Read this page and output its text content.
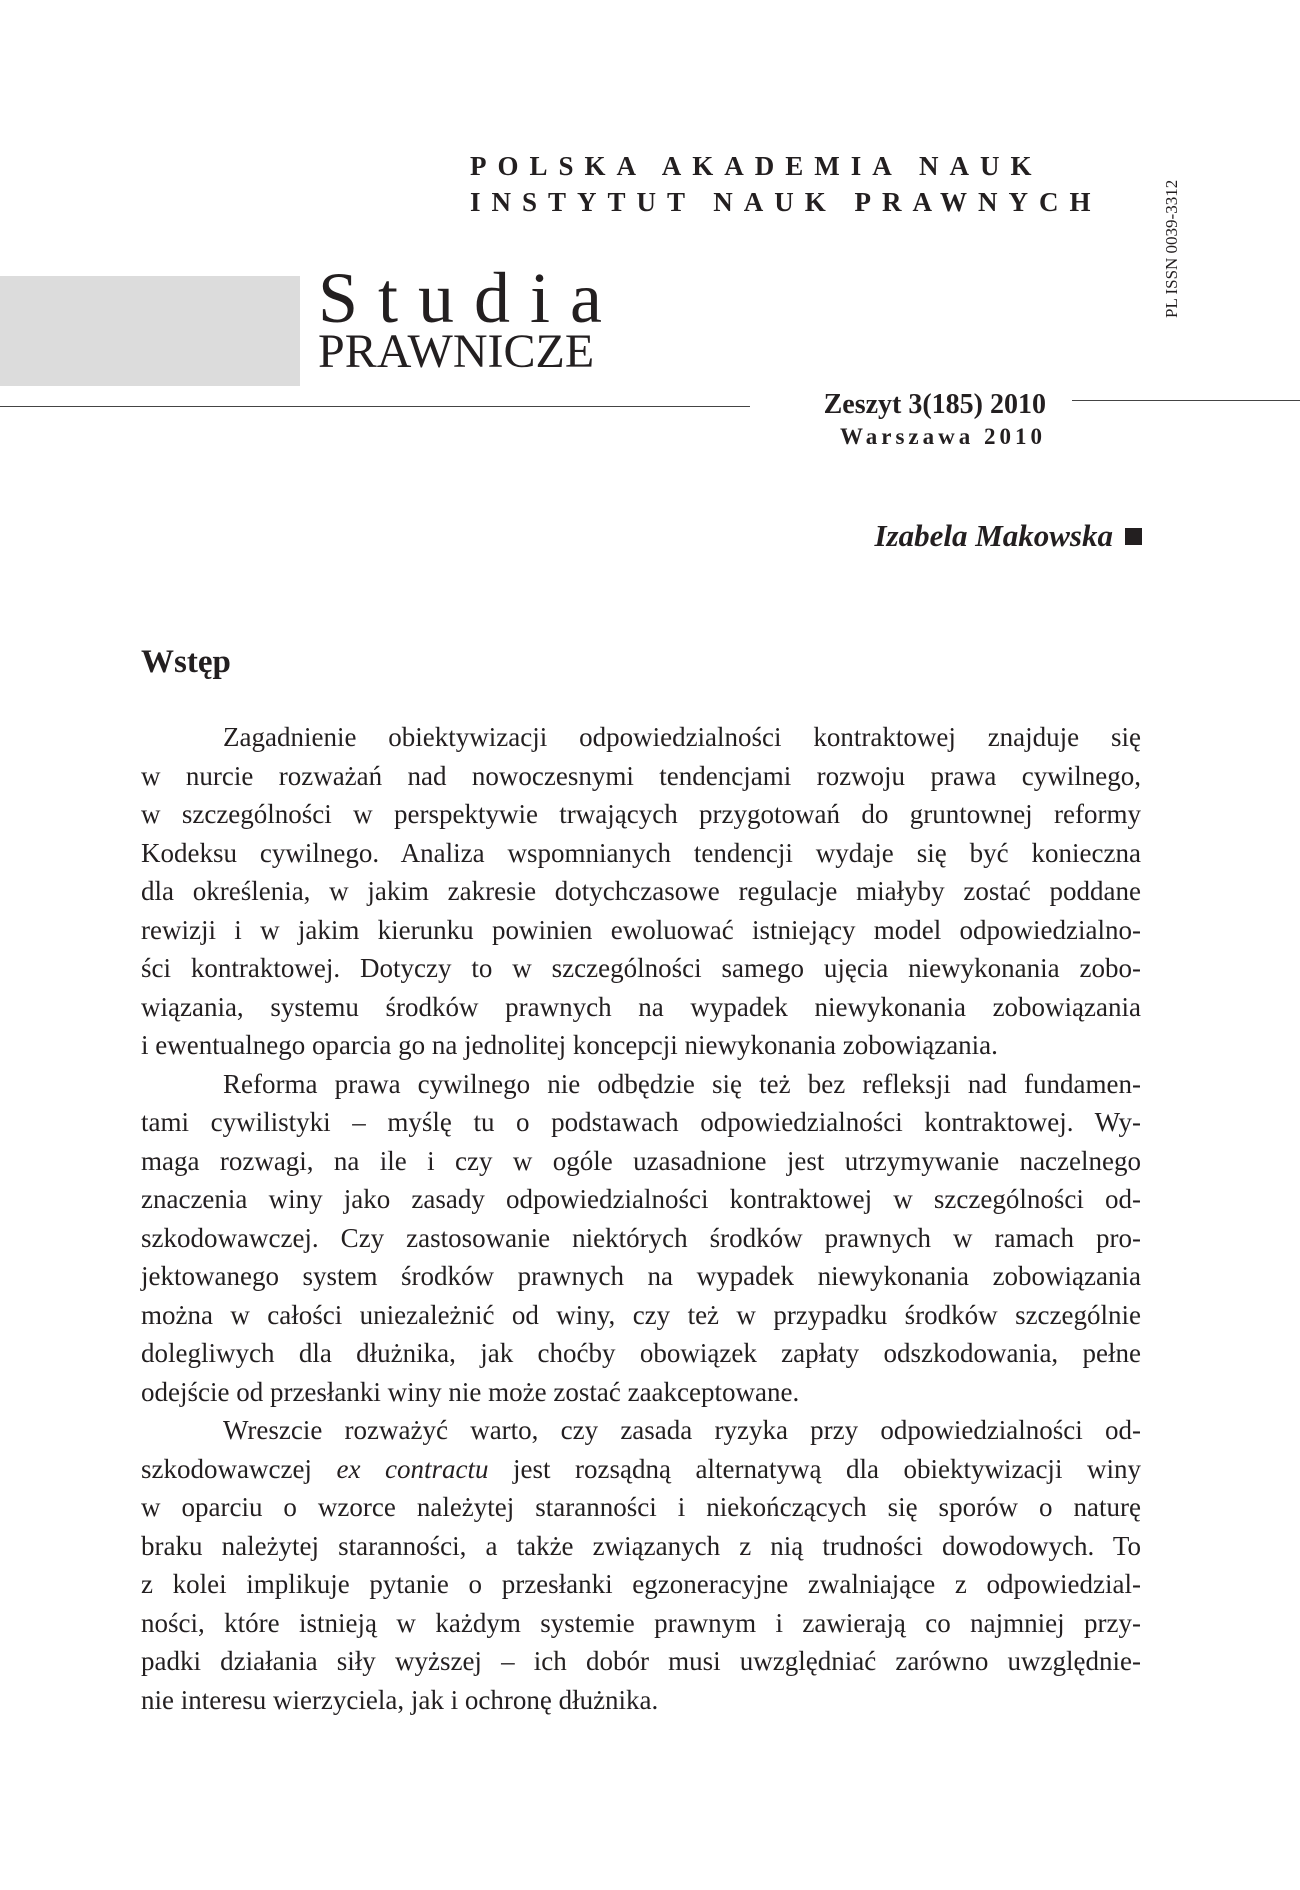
POLSKA AKADEMIA NAUK
INSTYTUT NAUK PRAWNYCH	PL ISSN 0039-3312
Studia
PRAWNICZE
Zeszyt 3(185) 2010
Warszawa 2010
Izabela Makowska
Wstęp
Zagadnienie obiektywizacji odpowiedzialności kontraktowej znajduje się
w nurcie rozważań nad nowoczesnymi tendencjami rozwoju prawa cywilnego,
w szczególności w perspektywie trwających przygotowań do gruntownej reformy
Kodeksu cywilnego. Analiza wspomnianych tendencji wydaje się być konieczna
dla określenia, w jakim zakresie dotychczasowe regulacje miałyby zostać poddane
rewizji i w jakim kierunku powinien ewoluować istniejący model odpowiedzialno-
ści kontraktowej. Dotyczy to w szczególności samego ujęcia niewykonania zobo-
wiązania, systemu środków prawnych na wypadek niewykonania zobowiązania
i ewentualnego oparcia go na jednolitej koncepcji niewykonania zobowiązania.
Reforma prawa cywilnego nie odbędzie się też bez refleksji nad fundamen-
tami cywilistyki – myślę tu o podstawach odpowiedzialności kontraktowej. Wy-
maga rozwagi, na ile i czy w ogóle uzasadnione jest utrzymywanie naczelnego
znaczenia winy jako zasady odpowiedzialności kontraktowej w szczególności od-
szkodowawczej. Czy zastosowanie niektórych środków prawnych w ramach pro-
jektowanego system środków prawnych na wypadek niewykonania zobowiązania
można w całości uniezależnić od winy, czy też w przypadku środków szczególnie
dolegliwych dla dłużnika, jak choćby obowiązek zapłaty odszkodowania, pełne
odejście od przesłanki winy nie może zostać zaakceptowane.
Wreszcie rozważyć warto, czy zasada ryzyka przy odpowiedzialności od-
szkodowawczej ex contractu jest rozsądną alternatywą dla obiektywizacji winy
w oparciu o wzorce należytej staranności i niekończących się sporów o naturę
braku należytej staranności, a także związanych z nią trudności dowodowych. To
z kolei implikuje pytanie o przesłanki egzoneracyjne zwalniające z odpowiedzial-
ności, które istnieją w każdym systemie prawnym i zawierają co najmniej przy-
padki działania siły wyższej – ich dobór musi uwzględniać zarówno uwzględnie-
nie interesu wierzyciela, jak i ochronę dłużnika.
